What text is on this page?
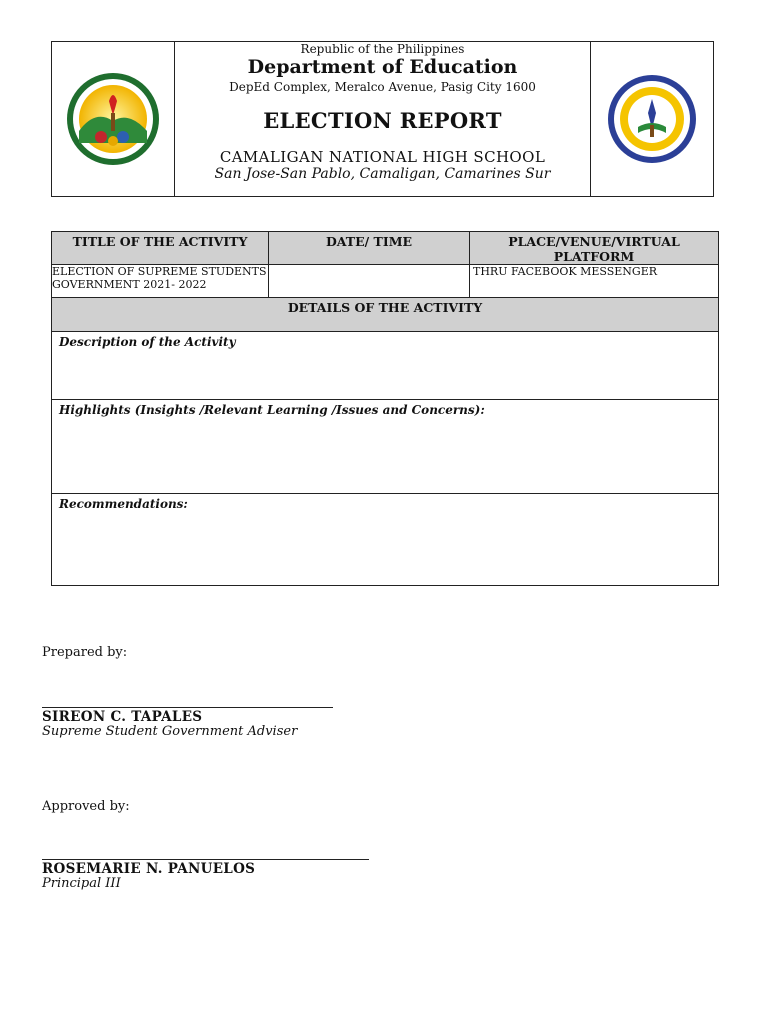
Republic of the Philippines
Department of Education
DepEd Complex, Meralco Avenue, Pasig City 1600
ELECTION REPORT
CAMALIGAN NATIONAL HIGH SCHOOL
San Jose-San Pablo, Camaligan, Camarines Sur
TITLE OF THE ACTIVITY	DATE/ TIME	PLACE/VENUE/VIRTUAL PLATFORM
ELECTION OF SUPREME STUDENTS GOVERNMENT 2021- 2022		THRU FACEBOOK MESSENGER
DETAILS OF THE ACTIVITY		
Description of the Activity		
Highlights (Insights /Relevant Learning /Issues and Concerns):		
Recommendations:		
Prepared by:
SIREON C. TAPALES
Supreme Student Government Adviser
Approved by:
ROSEMARIE N. PANUELOS
Principal III
